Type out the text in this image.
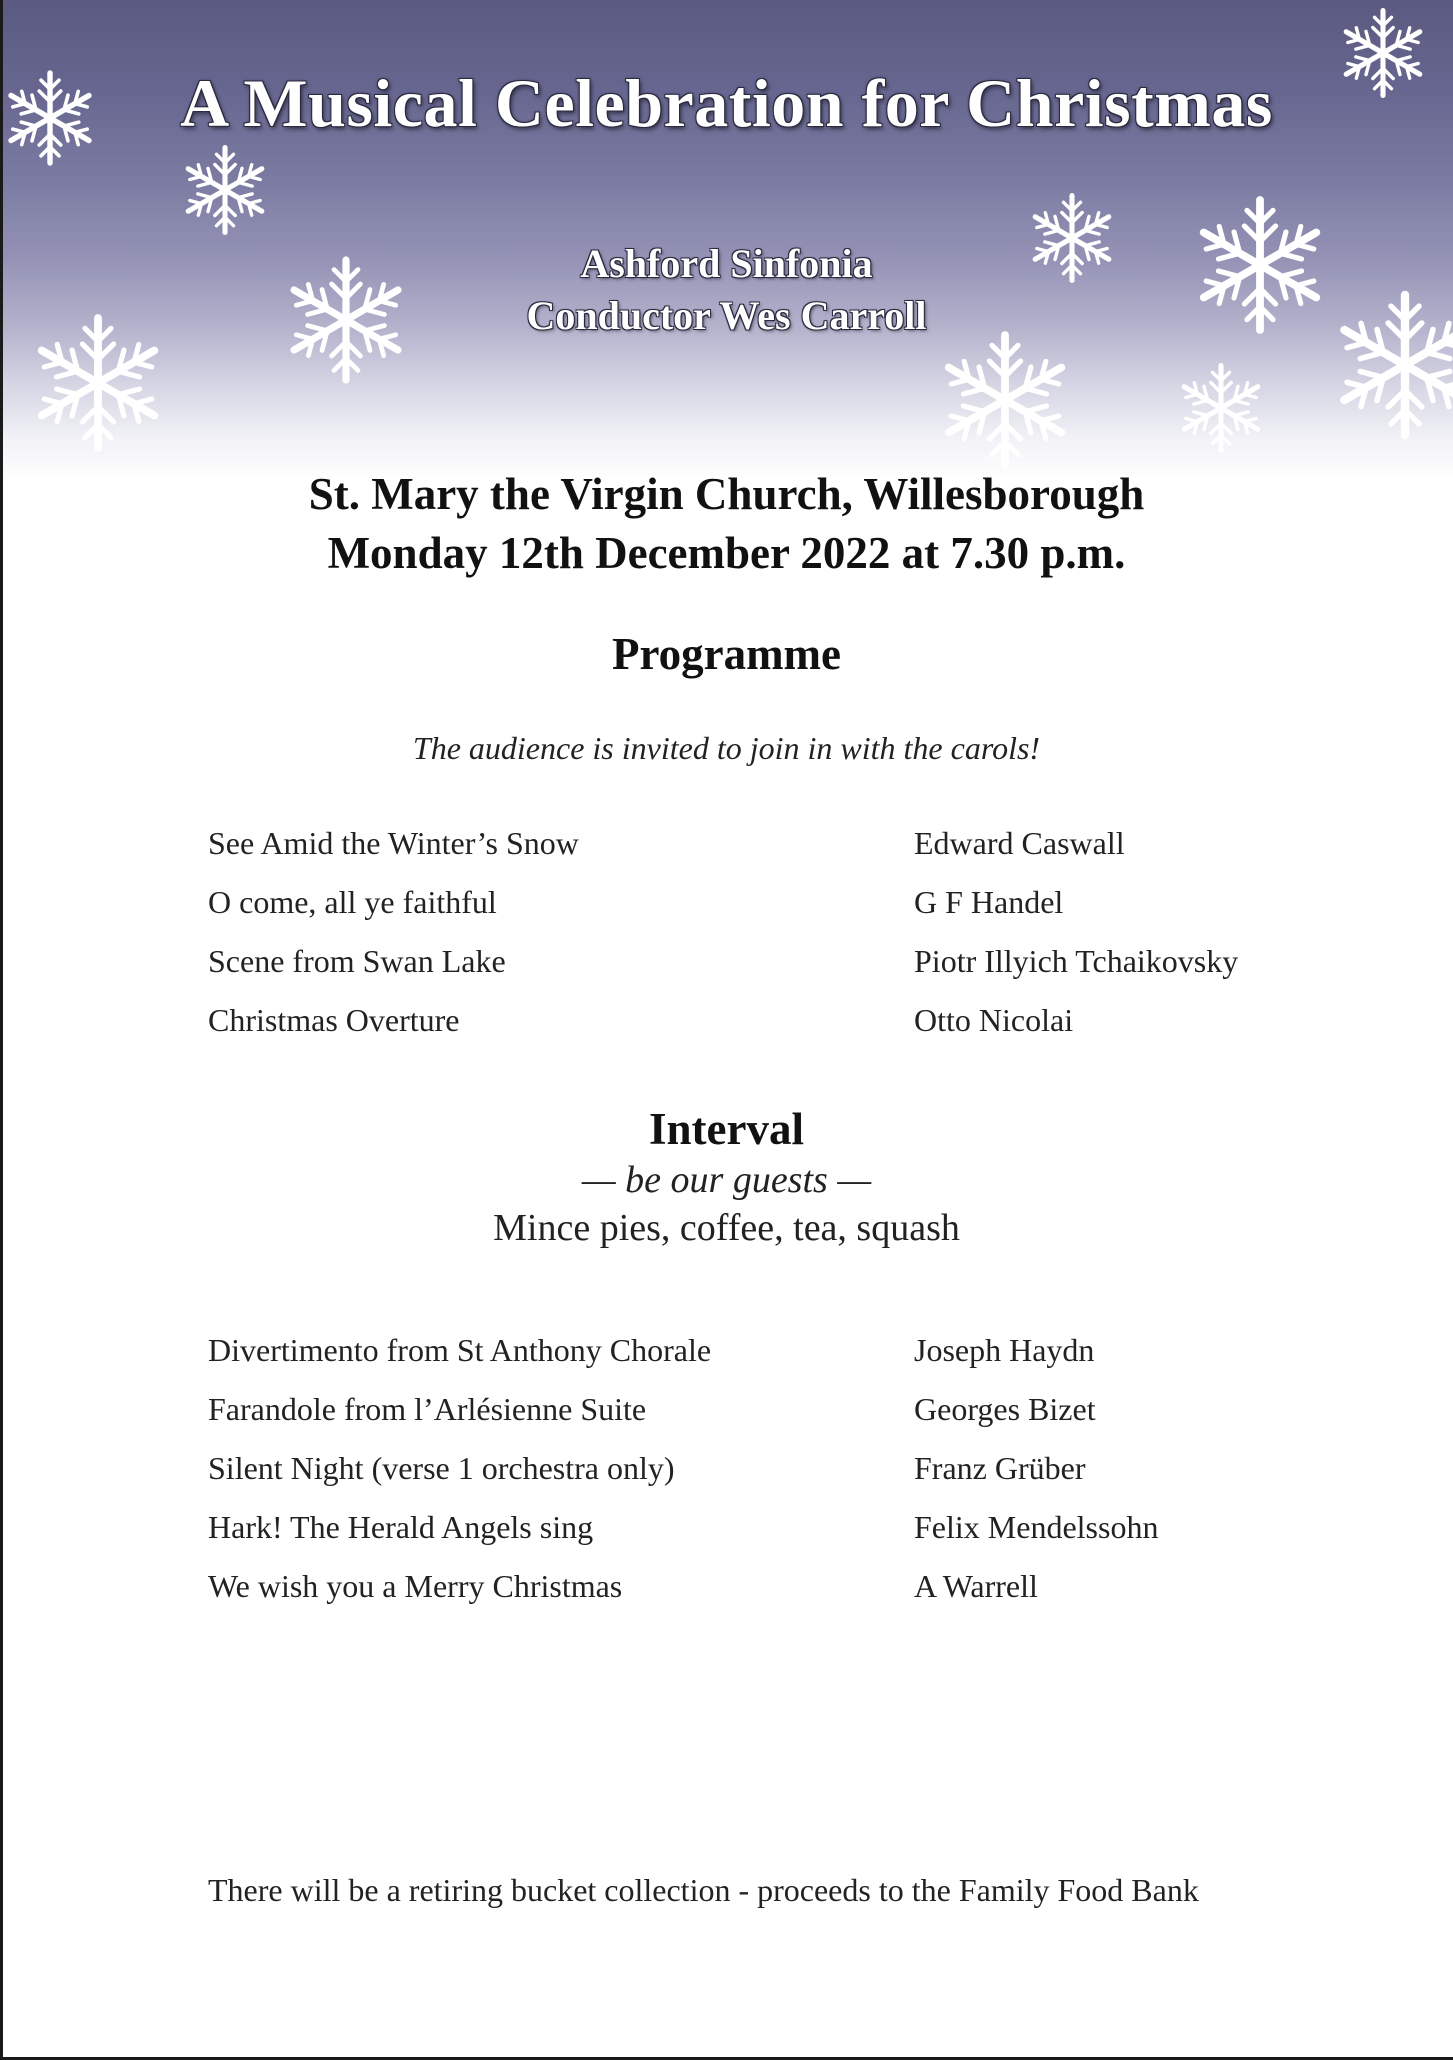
A Musical Celebration for Christmas
Ashford Sinfonia
Conductor Wes Carroll
St. Mary the Virgin Church, Willesborough
Monday 12th December 2022 at 7.30 p.m.
Programme
The audience is invited to join in with the carols!
See Amid the Winter’s Snow	Edward Caswall
O come, all ye faithful	G F Handel
Scene from Swan Lake	Piotr Illyich Tchaikovsky
Christmas Overture	Otto Nicolai
Interval
— be our guests —
Mince pies, coffee, tea, squash
Divertimento from St Anthony Chorale	Joseph Haydn
Farandole from l’Arlésienne Suite	Georges Bizet
Silent Night (verse 1 orchestra only)	Franz Grüber
Hark! The Herald Angels sing	Felix Mendelssohn
We wish you a Merry Christmas	A Warrell
There will be a retiring bucket collection - proceeds to the Family Food Bank
